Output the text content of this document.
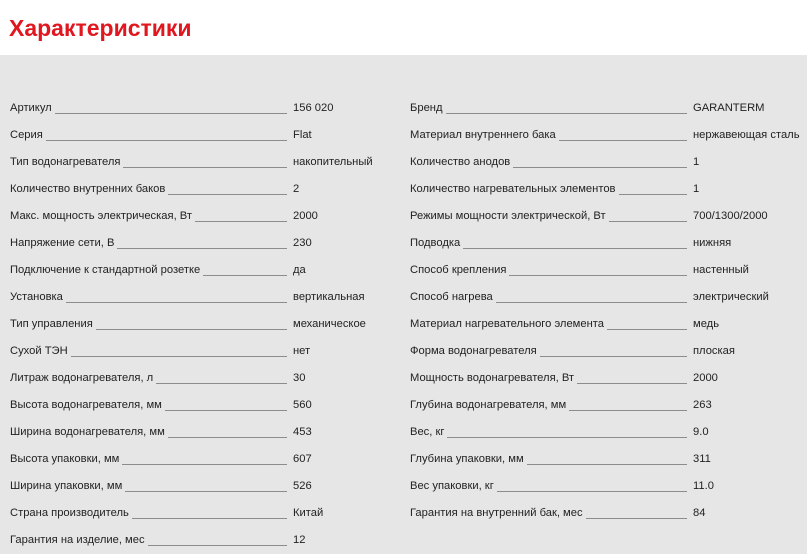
Характеристики
Артикул	156 020
Серия	Flat
Тип водонагревателя	накопительный
Количество внутренних баков	2
Макс. мощность электрическая, Вт	2000
Напряжение сети, В	230
Подключение к стандартной розетке	да
Установка	вертикальная
Тип управления	механическое
Сухой ТЭН	нет
Литраж водонагревателя, л	30
Высота водонагревателя, мм	560
Ширина водонагревателя, мм	453
Высота упаковки, мм	607
Ширина упаковки, мм	526
Страна производитель	Китай
Гарантия на изделие, мес	12
Бренд	GARANTERM
Материал внутреннего бака	нержавеющая сталь
Количество анодов	1
Количество нагревательных элементов	1
Режимы мощности электрической, Вт	700/1300/2000
Подводка	нижняя
Способ крепления	настенный
Способ нагрева	электрический
Материал нагревательного элемента	медь
Форма водонагревателя	плоская
Мощность водонагревателя, Вт	2000
Глубина водонагревателя, мм	263
Вес, кг	9.0
Глубина упаковки, мм	311
Вес упаковки, кг	11.0
Гарантия на внутренний бак, мес	84
